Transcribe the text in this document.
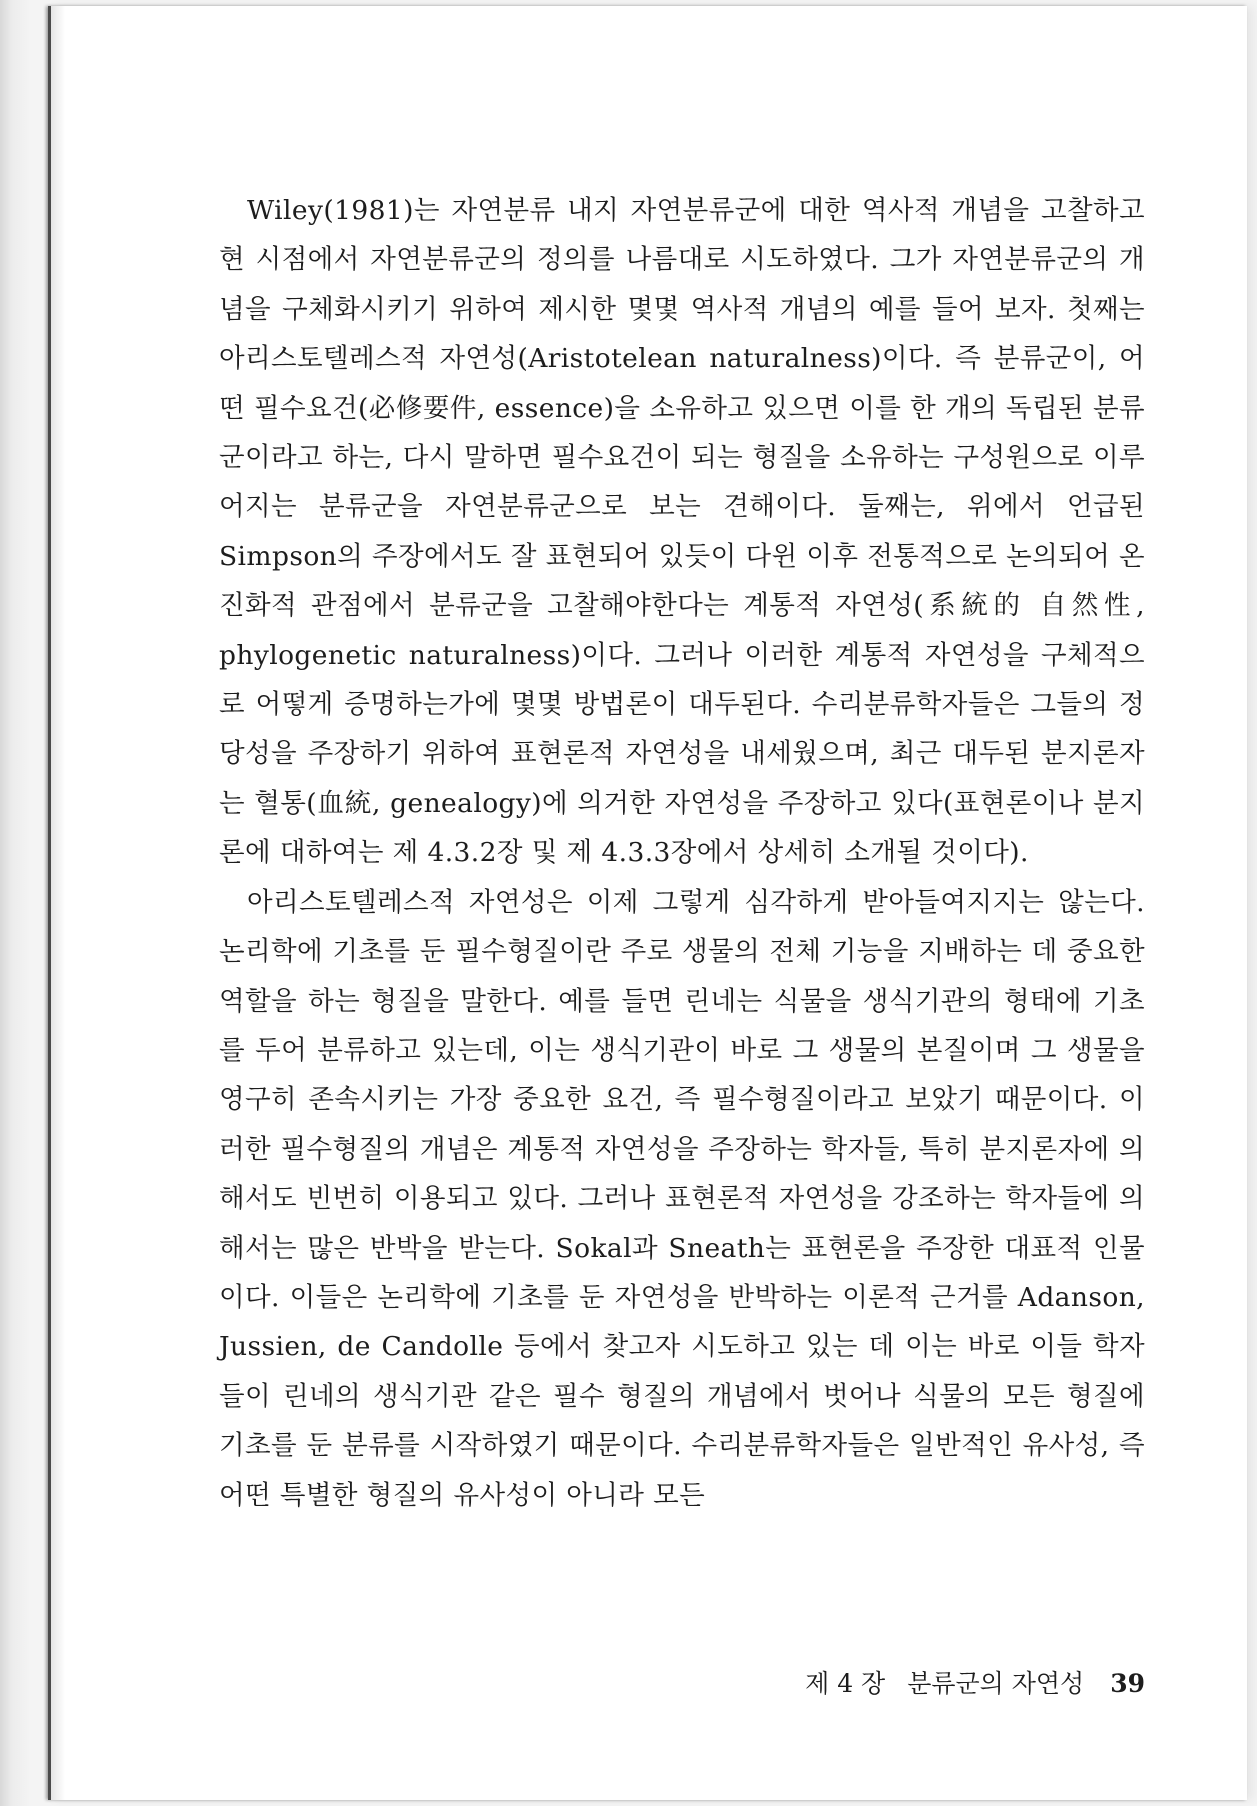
Wiley(1981)는 자연분류 내지 자연분류군에 대한 역사적 개념을 고찰하고 현 시점에서 자연분류군의 정의를 나름대로 시도하였다. 그가 자연분류군의 개념을 구체화시키기 위하여 제시한 몇몇 역사적 개념의 예를 들어 보자. 첫째는 아리스토텔레스적 자연성(Aristotelean naturalness)이다. 즉 분류군이, 어떤 필수요건(必修要件, essence)을 소유하고 있으면 이를 한 개의 독립된 분류군이라고 하는, 다시 말하면 필수요건이 되는 형질을 소유하는 구성원으로 이루어지는 분류군을 자연분류군으로 보는 견해이다. 둘째는, 위에서 언급된 Simpson의 주장에서도 잘 표현되어 있듯이 다윈 이후 전통적으로 논의되어 온 진화적 관점에서 분류군을 고찰해야한다는 계통적 자연성(系統的 自然性, phylogenetic naturalness)이다. 그러나 이러한 계통적 자연성을 구체적으로 어떻게 증명하는가에 몇몇 방법론이 대두된다. 수리분류학자들은 그들의 정당성을 주장하기 위하여 표현론적 자연성을 내세웠으며, 최근 대두된 분지론자는 혈통(血統, genealogy)에 의거한 자연성을 주장하고 있다(표현론이나 분지론에 대하여는 제 4.3.2장 및 제 4.3.3장에서 상세히 소개될 것이다).

아리스토텔레스적 자연성은 이제 그렇게 심각하게 받아들여지지는 않는다. 논리학에 기초를 둔 필수형질이란 주로 생물의 전체 기능을 지배하는 데 중요한 역할을 하는 형질을 말한다. 예를 들면 린네는 식물을 생식기관의 형태에 기초를 두어 분류하고 있는데, 이는 생식기관이 바로 그 생물의 본질이며 그 생물을 영구히 존속시키는 가장 중요한 요건, 즉 필수형질이라고 보았기 때문이다. 이러한 필수형질의 개념은 계통적 자연성을 주장하는 학자들, 특히 분지론자에 의해서도 빈번히 이용되고 있다. 그러나 표현론적 자연성을 강조하는 학자들에 의해서는 많은 반박을 받는다. Sokal과 Sneath는 표현론을 주장한 대표적 인물이다. 이들은 논리학에 기초를 둔 자연성을 반박하는 이론적 근거를 Adanson, Jussien, de Candolle 등에서 찾고자 시도하고 있는 데 이는 바로 이들 학자들이 린네의 생식기관 같은 필수 형질의 개념에서 벗어나 식물의 모든 형질에 기초를 둔 분류를 시작하였기 때문이다. 수리분류학자들은 일반적인 유사성, 즉 어떤 특별한 형질의 유사성이 아니라 모든

제 4 장 분류군의 자연성 39
